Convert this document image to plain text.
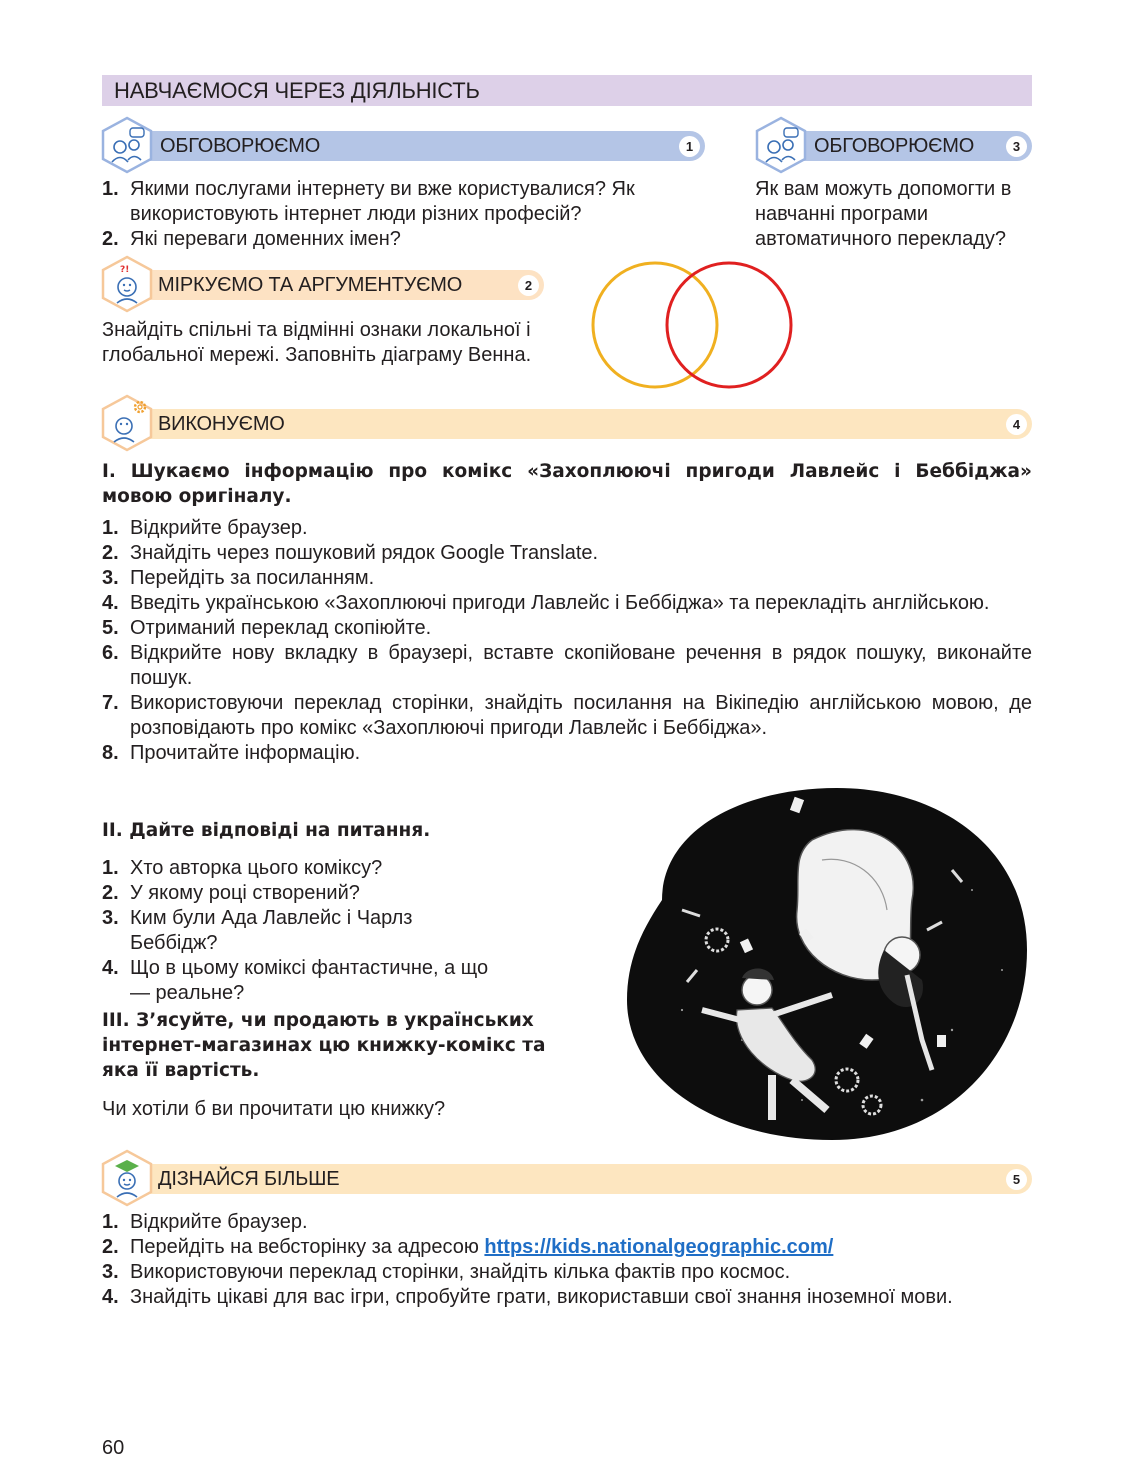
НАВЧАЄМОСЯ ЧЕРЕЗ ДІЯЛЬНІСТЬ
ОБГОВОРЮЄМО	1
1. Якими послугами інтернету ви вже користувалися? Як використовують інтернет люди різних професій?
2. Які переваги доменних імен?
ОБГОВОРЮЄМО	3
Як вам можуть допомогти в навчанні програми автоматичного перекладу?
МІРКУЄМО ТА АРГУМЕНТУЄМО	2
?!
Знайдіть спільні та відмінні ознаки локальної і глобальної мережі. Заповніть діаграму Венна.
ВИКОНУЄМО	4
І. Шукаємо інформацію про комікс «Захоплюючі пригоди Лавлейс і Беббіджа» мовою оригіналу.
1. Відкрийте браузер.
2. Знайдіть через пошуковий рядок Google Translate.
3. Перейдіть за посиланням.
4. Введіть українською «Захоплюючі пригоди Лавлейс і Беббіджа» та перекладіть англійською.
5. Отриманий переклад скопіюйте.
6. Відкрийте нову вкладку в браузері, вставте скопійоване речення в рядок пошуку, виконайте пошук.
7. Використовуючи переклад сторінки, знайдіть посилання на Вікіпедію англійською мовою, де розповідають про комікс «Захоплюючі пригоди Лавлейс і Беббіджа».
8. Прочитайте інформацію.
ІІ. Дайте відповіді на питання.
1. Хто авторка цього коміксу?
2. У якому році створений?
3. Ким були Ада Лавлейс і Чарлз Беббідж?
4. Що в цьому коміксі фантастичне, а що — реальне?
ІІІ. З’ясуйте, чи продають в українських інтернет-магазинах цю книжку-комікс та яка її вартість.
Чи хотіли б ви прочитати цю книжку?
ДІЗНАЙСЯ БІЛЬШЕ	5
1. Відкрийте браузер.
2. Перейдіть на вебсторінку за адресою https://kids.nationalgeographic.com/
3. Використовуючи переклад сторінки, знайдіть кілька фактів про космос.
4. Знайдіть цікаві для вас ігри, спробуйте грати, використавши свої знання іноземної мови.
60
